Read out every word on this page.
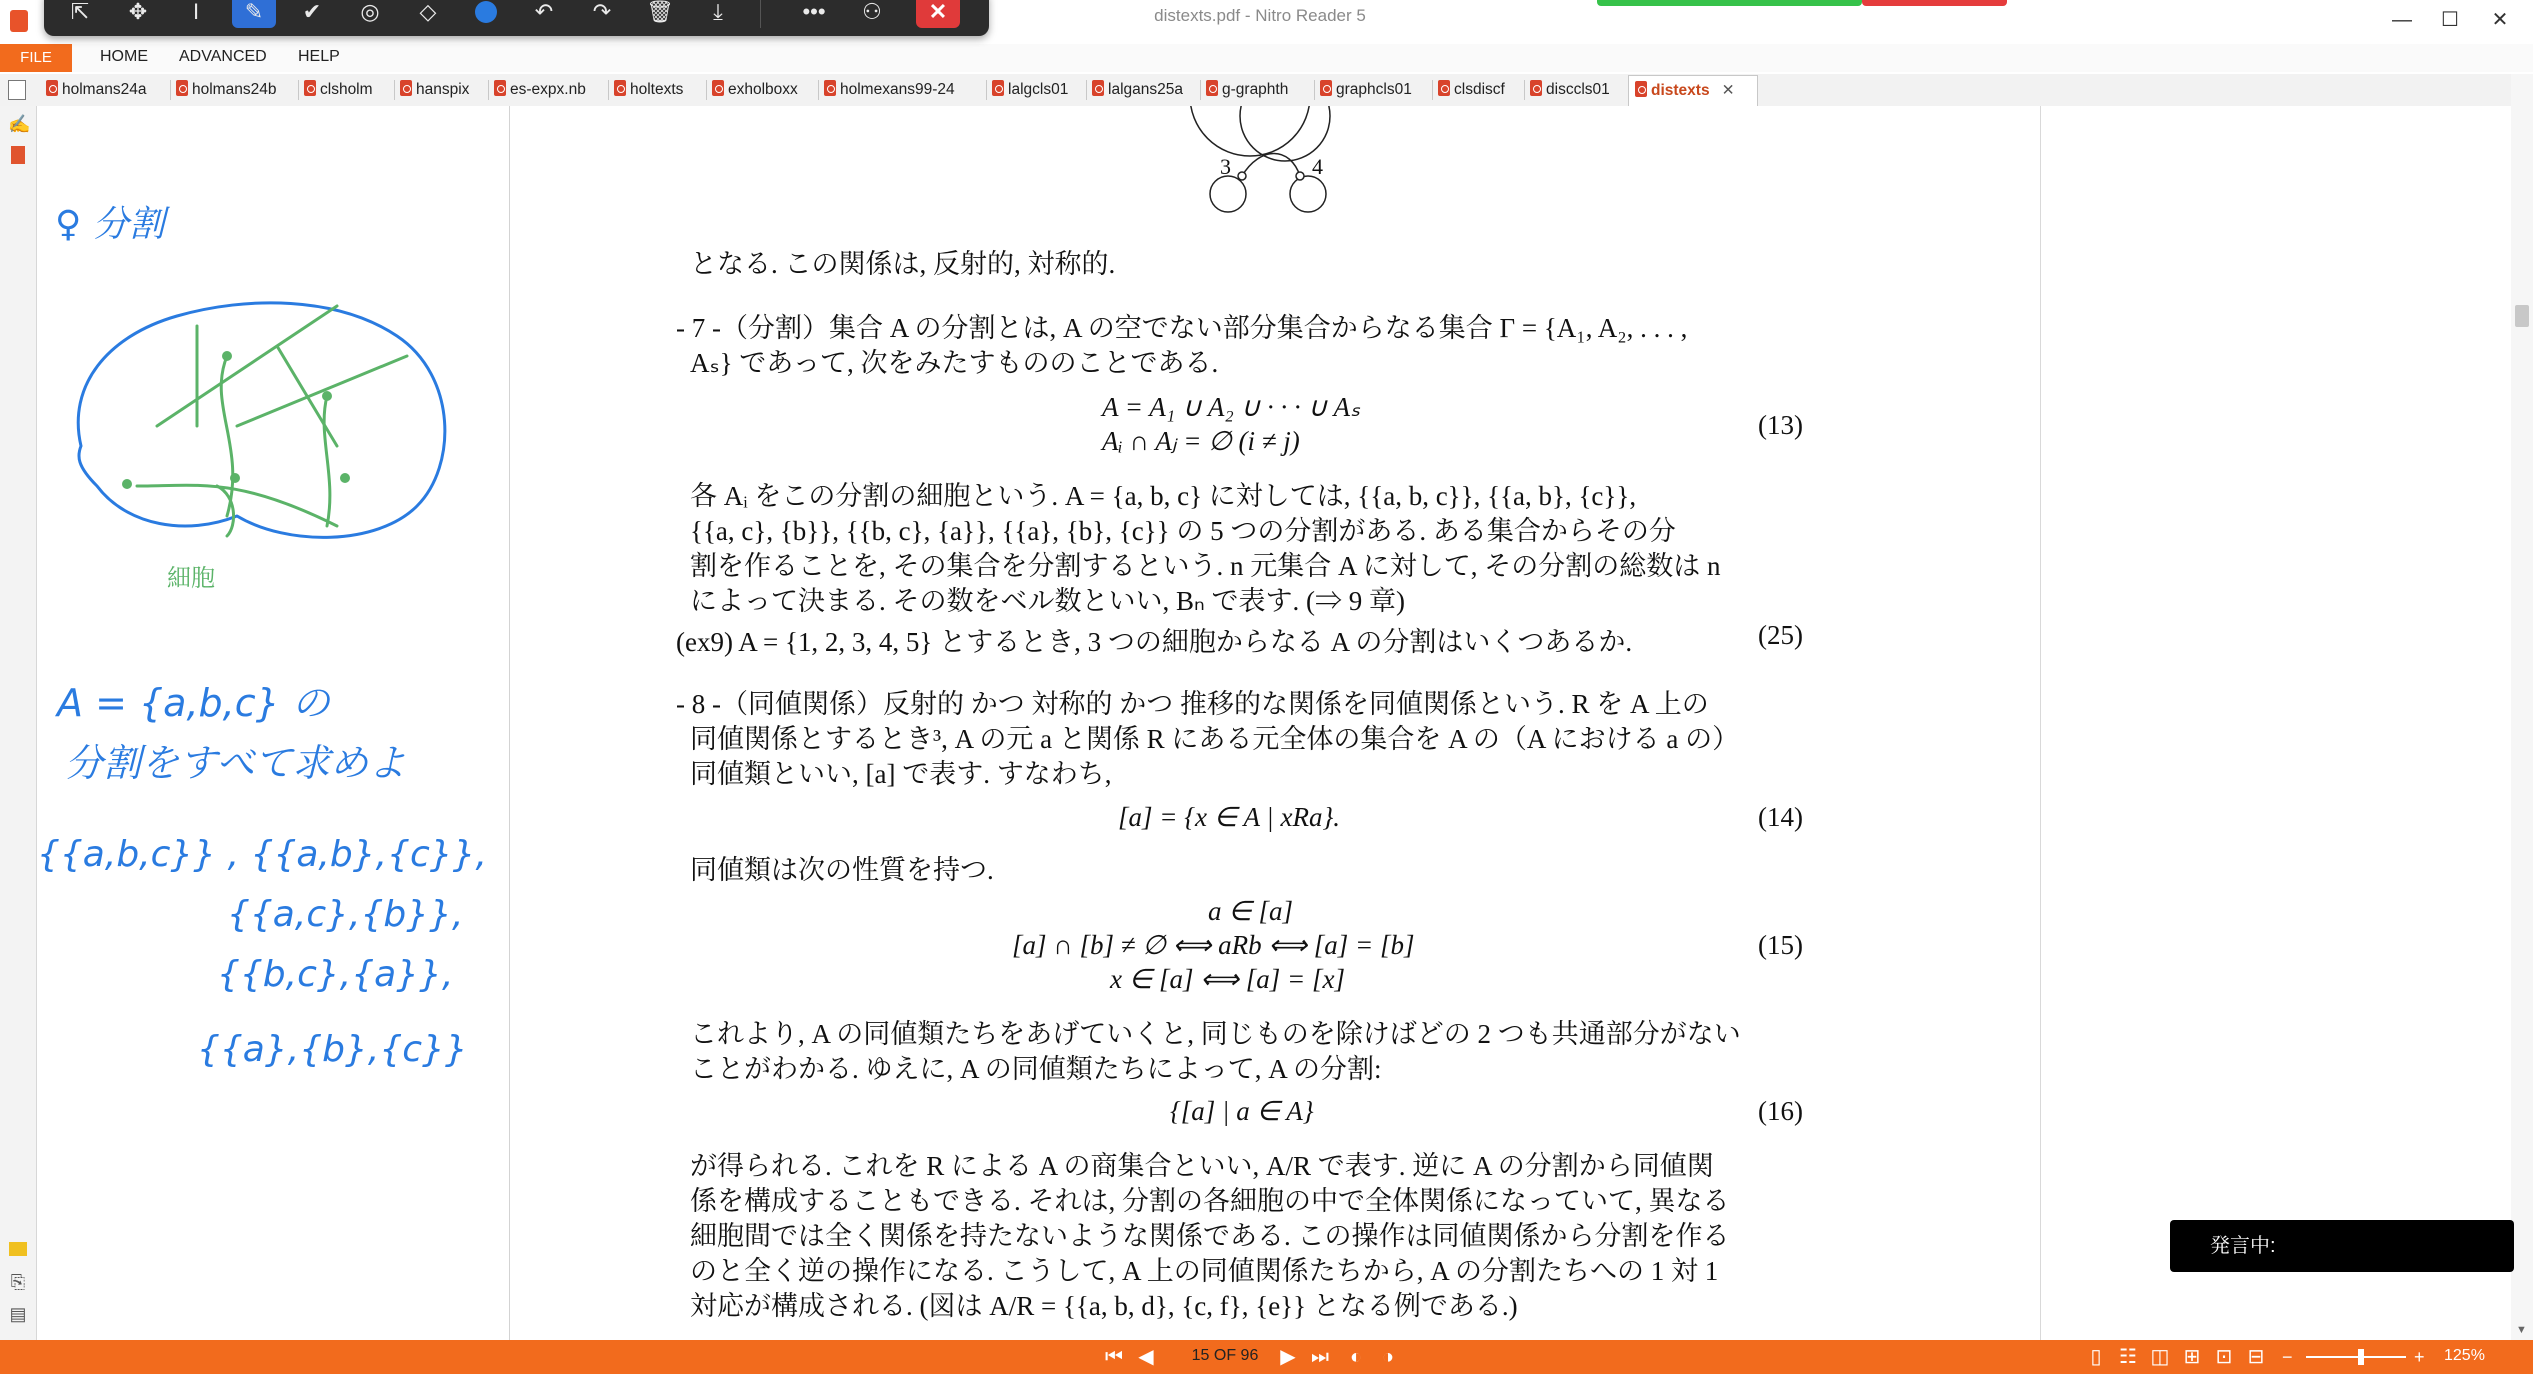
distexts.pdf - Nitro Reader 5	—	☐	✕
FILE	HOME ADVANCED HELP
⇱	✥	I	✎	✔	◎	◇	↶	↷	🗑	⤓	•••	⚇	✕
holmans24a	holmans24b	clsholm	hanspix	es-expx.nb	holtexts	exholboxx	holmexans99-24	lalgcls01	lalgans25a	g-graphth	graphcls01	clsdiscf	disccls01	distexts ✕
✍
⎘
▤
♀ 分割
細胞
A = {a,b,c} の
分割をすべて求めよ
{{a,b,c}} , {{a,b},{c}},
{{a,c},{b}},
{{b,c},{a}},
{{a},{b},{c}}
3	4
となる. この関係は, 反射的, 対称的.
- 7 -（分割）集合 A の分割とは, A の空でない部分集合からなる集合 Γ = {A₁, A₂, . . . ,
Aₛ} であって, 次をみたすもののことである.
A = A₁ ∪ A₂ ∪ · · · ∪ Aₛ
Aᵢ ∩ Aⱼ = ∅ (i ≠ j)
(13)
各 Aᵢ をこの分割の細胞という. A = {a, b, c} に対しては, {{a, b, c}}, {{a, b}, {c}},
{{a, c}, {b}}, {{b, c}, {a}}, {{a}, {b}, {c}} の 5 つの分割がある. ある集合からその分
割を作ることを, その集合を分割するという. n 元集合 A に対して, その分割の総数は n
によって決まる. その数をベル数といい, Bₙ で表す. (⇒ 9 章)
(ex9) A = {1, 2, 3, 4, 5} とするとき, 3 つの細胞からなる A の分割はいくつあるか.	(25)
- 8 -（同値関係）反射的 かつ 対称的 かつ 推移的な関係を同値関係という. R を A 上の
同値関係とするとき³, A の元 a と関係 R にある元全体の集合を A の（A における a の）
同値類といい, [a] で表す. すなわち,
[a] = {x ∈ A | xRa}.	(14)
同値類は次の性質を持つ.
a ∈ [a]
[a] ∩ [b] ≠ ∅ ⟺ aRb ⟺ [a] = [b]
x ∈ [a] ⟺ [a] = [x]
(15)
これより, A の同値類たちをあげていくと, 同じものを除けばどの 2 つも共通部分がない
ことがわかる. ゆえに, A の同値類たちによって, A の分割:
{[a] | a ∈ A}	(16)
が得られる. これを R による A の商集合といい, A/R で表す. 逆に A の分割から同値関
係を構成することもできる. それは, 分割の各細胞の中で全体関係になっていて, 異なる
細胞間では全く関係を持たないような関係である. この操作は同値関係から分割を作る
のと全く逆の操作になる. こうして, A 上の同値関係たちから, A の分割たちへの 1 対 1
対応が構成される. (図は A/R = {{a, b, d}, {c, f}, {e}} となる例である.)
▼
発言中:
⏮ ◀	15 OF 96	▶ ⏭	◐ ◑	▯ ☷ ◫ ⊞ ⊡ ⊟ −	+ 125%
